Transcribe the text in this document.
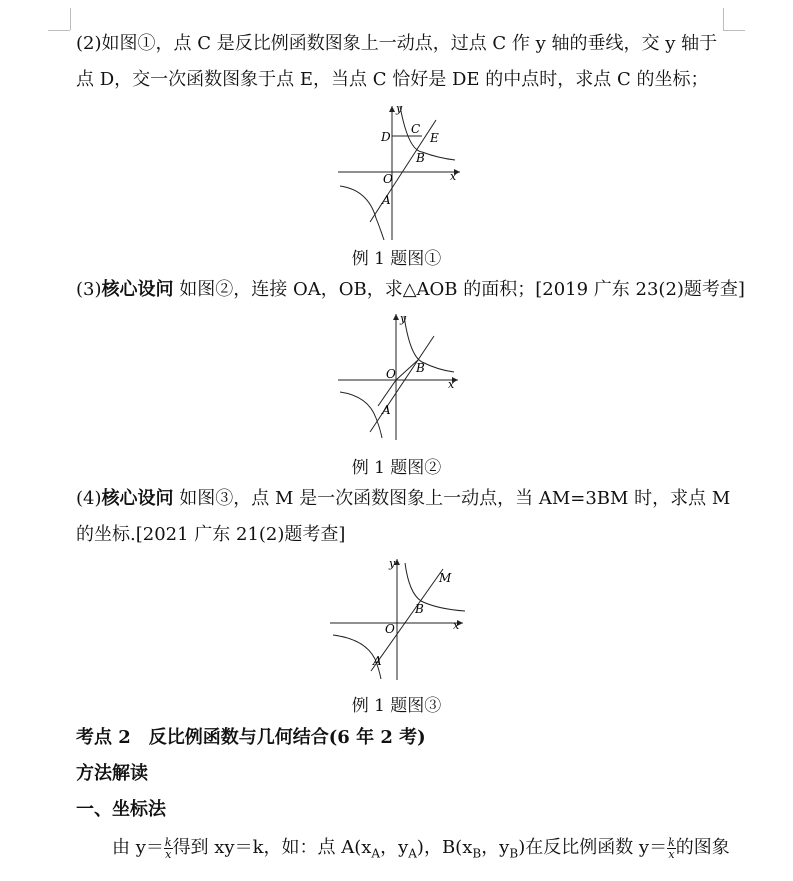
(2)如图①，点 C 是反比例函数图象上一动点，过点 C 作 y 轴的垂线，交 y 轴于
点 D，交一次函数图象于点 E，当点 C 恰好是 DE 的中点时，求点 C 的坐标；
y
x
D
C
E
B
O
A
例 1 题图①
(3)核心设问 如图②，连接 OA，OB，求△AOB 的面积；[2019 广东 23(2)题考查]
y
x
B
O
A
例 1 题图②
(4)核心设问 如图③，点 M 是一次函数图象上一动点，当 AM=3BM 时，求点 M
的坐标.[2021 广东 21(2)题考查]
y
x
M
B
O
A
例 1 题图③
考点 2　反比例函数与几何结合(6 年 2 考)
方法解读
一、坐标法
由 $y= \frac{k}{x}$ 得到 xy＝k，如：点 $A(x_A$，$y_A$)，$B(x_B$，$y_B$)在反比例函数 $y= \frac{k}{x}$ 的图象
